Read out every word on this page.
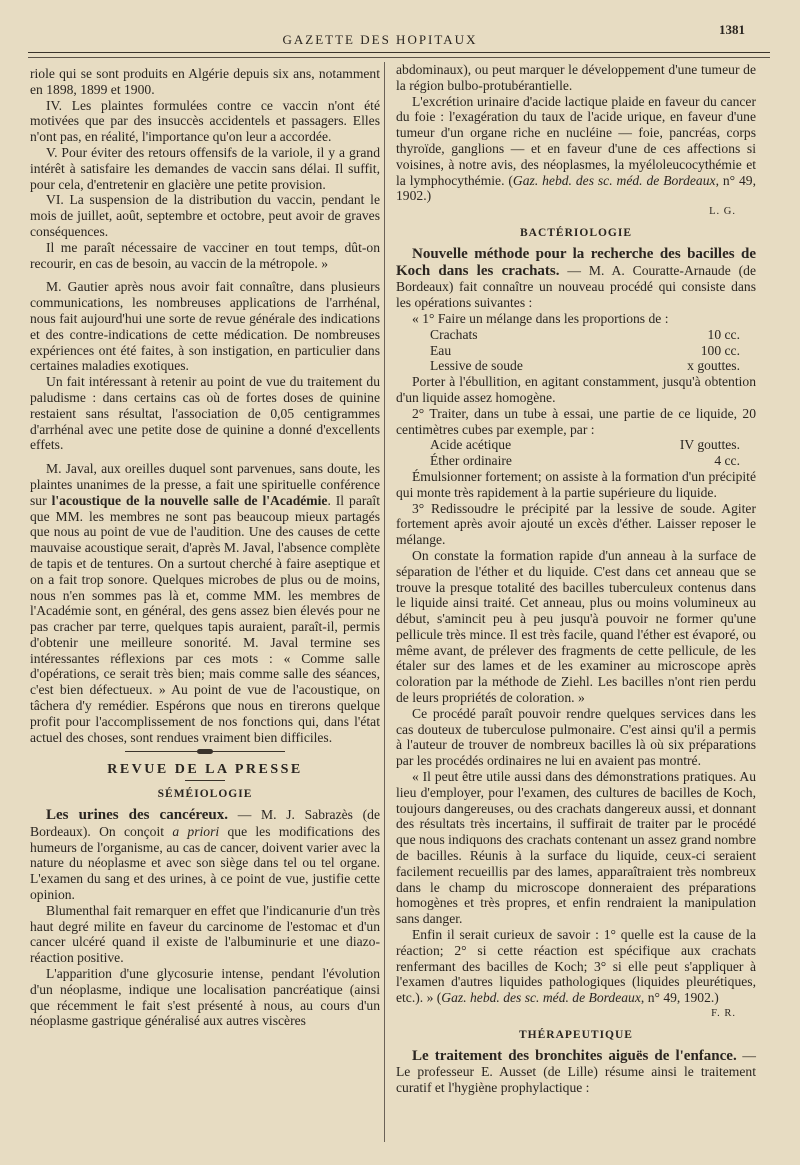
GAZETTE DES HOPITAUX
1381

riole qui se sont produits en Algérie depuis six ans, notamment en 1898, 1899 et 1900.

IV. Les plaintes formulées contre ce vaccin n'ont été motivées que par des insuccès accidentels et passagers. Elles n'ont pas, en réalité, l'importance qu'on leur a accordée.

V. Pour éviter des retours offensifs de la variole, il y a grand intérêt à satisfaire les demandes de vaccin sans délai. Il suffit, pour cela, d'entretenir en glacière une petite provision.

VI. La suspension de la distribution du vaccin, pendant le mois de juillet, août, septembre et octobre, peut avoir de graves conséquences.

Il me paraît nécessaire de vacciner en tout temps, dût-on recourir, en cas de besoin, au vaccin de la métropole. »

M. Gautier après nous avoir fait connaître, dans plusieurs communications, les nombreuses applications de l'arrhénal, nous fait aujourd'hui une sorte de revue générale des indications et des contre-indications de cette médication. De nombreuses expériences ont été faites, à son instigation, en particulier dans certaines maladies exotiques.

Un fait intéressant à retenir au point de vue du traitement du paludisme : dans certains cas où de fortes doses de quinine restaient sans résultat, l'association de 0,05 centigrammes d'arrhénal avec une petite dose de quinine a donné d'excellents effets.

M. Javal, aux oreilles duquel sont parvenues, sans doute, les plaintes unanimes de la presse, a fait une spirituelle conférence sur l'acoustique de la nouvelle salle de l'Académie. Il paraît que MM. les membres ne sont pas beaucoup mieux partagés que nous au point de vue de l'audition. Une des causes de cette mauvaise acoustique serait, d'après M. Javal, l'absence complète de tapis et de tentures. On a surtout cherché à faire aseptique et on a fait trop sonore. Quelques microbes de plus ou de moins, nous n'en sommes pas là et, comme MM. les membres de l'Académie sont, en général, des gens assez bien élevés pour ne pas cracher par terre, quelques tapis auraient, paraît-il, permis d'obtenir une meilleure sonorité. M. Javal termine ses intéressantes réflexions par ces mots : « Comme salle d'opérations, ce serait très bien; mais comme salle des séances, c'est bien défectueux. » Au point de vue de l'acoustique, on tâchera d'y remédier. Espérons que nous en tirerons quelque profit pour l'accomplissement de nos fonctions qui, dans l'état actuel des choses, sont rendues vraiment bien difficiles.

REVUE DE LA PRESSE
SÉMÉIOLOGIE

Les urines des cancéreux. — M. J. Sabrazès (de Bordeaux). On conçoit a priori que les modifications des humeurs de l'organisme, au cas de cancer, doivent varier avec la nature du néoplasme et avec son siège dans tel ou tel organe. L'examen du sang et des urines, à ce point de vue, justifie cette opinion.

Blumenthal fait remarquer en effet que l'indicanurie d'un très haut degré milite en faveur du carcinome de l'estomac et d'un cancer ulcéré quand il existe de l'albuminurie et une diazo-réaction positive.

L'apparition d'une glycosurie intense, pendant l'évolution d'un néoplasme, indique une localisation pancréatique (ainsi que récemment le fait s'est présenté à nous, au cours d'un néoplasme gastrique généralisé aux autres viscères

abdominaux), ou peut marquer le développement d'une tumeur de la région bulbo-protubérantielle.

L'excrétion urinaire d'acide lactique plaide en faveur du cancer du foie : l'exagération du taux de l'acide urique, en faveur d'une tumeur d'un organe riche en nucléine — foie, pancréas, corps thyroïde, ganglions — et en faveur d'une de ces affections si voisines, à notre avis, des néoplasmes, la myéloleucocythémie et la lymphocythémie. (Gaz. hebd. des sc. méd. de Bordeaux, n° 49, 1902.)

L. G.
BACTÉRIOLOGIE

Nouvelle méthode pour la recherche des bacilles de Koch dans les crachats. — M. A. Couratte-Arnaude (de Bordeaux) fait connaître un nouveau procédé qui consiste dans les opérations suivantes :

« 1° Faire un mélange dans les proportions de :

Crachats	10 cc.
Eau	100 cc.
Lessive de soude	x gouttes.

Porter à l'ébullition, en agitant constamment, jusqu'à obtention d'un liquide assez homogène.

2° Traiter, dans un tube à essai, une partie de ce liquide, 20 centimètres cubes par exemple, par :

Acide acétique	IV gouttes.
Éther ordinaire	4 cc.

Émulsionner fortement; on assiste à la formation d'un précipité qui monte très rapidement à la partie supérieure du liquide.

3° Redissoudre le précipité par la lessive de soude. Agiter fortement après avoir ajouté un excès d'éther. Laisser reposer le mélange.

On constate la formation rapide d'un anneau à la surface de séparation de l'éther et du liquide. C'est dans cet anneau que se trouve la presque totalité des bacilles tuberculeux contenus dans le liquide ainsi traité. Cet anneau, plus ou moins volumineux au début, s'amincit peu à peu jusqu'à pouvoir ne former qu'une pellicule très mince. Il est très facile, quand l'éther est évaporé, ou même avant, de prélever des fragments de cette pellicule, de les étaler sur des lames et de les examiner au microscope après coloration par la méthode de Ziehl. Les bacilles n'ont rien perdu de leurs propriétés de coloration. »

Ce procédé paraît pouvoir rendre quelques services dans les cas douteux de tuberculose pulmonaire. C'est ainsi qu'il a permis à l'auteur de trouver de nombreux bacilles là où six préparations par les procédés ordinaires ne lui en avaient pas montré.

« Il peut être utile aussi dans des démonstrations pratiques. Au lieu d'employer, pour l'examen, des cultures de bacilles de Koch, toujours dangereuses, ou des crachats dangereux aussi, et donnant des résultats très incertains, il suffirait de traiter par le procédé que nous indiquons des crachats contenant un assez grand nombre de bacilles. Réunis à la surface du liquide, ceux-ci seraient facilement recueillis par des lames, apparaîtraient très nombreux dans le champ du microscope donneraient des préparations homogènes et très propres, et enfin rendraient la manipulation sans danger.

Enfin il serait curieux de savoir : 1° quelle est la cause de la réaction; 2° si cette réaction est spécifique aux crachats renfermant des bacilles de Koch; 3° si elle peut s'appliquer à l'examen d'autres liquides pathologiques (liquides pleurétiques, etc.). » (Gaz. hebd. des sc. méd. de Bordeaux, n° 49, 1902.)

F. R.
THÉRAPEUTIQUE

Le traitement des bronchites aiguës de l'enfance. — Le professeur E. Ausset (de Lille) résume ainsi le traitement curatif et l'hygiène prophylactique :
